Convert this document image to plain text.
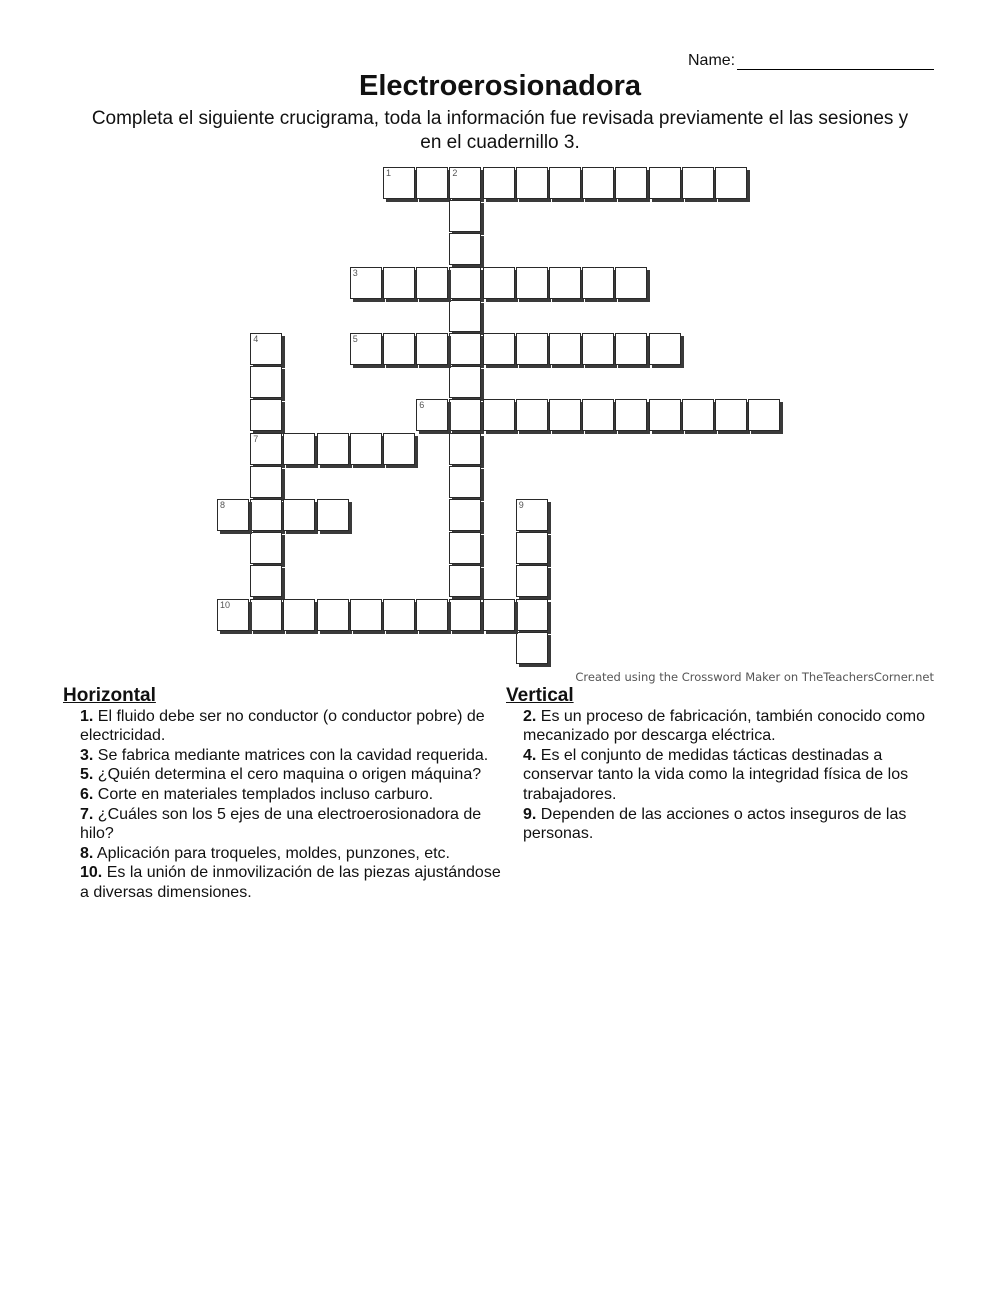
Name:
Electroerosionadora
Completa el siguiente crucigrama, toda la información fue revisada previamente el las sesiones y en el cuadernillo 3.
1	2
3
4
7
5
6
8	9
10
Created using the Crossword Maker on TheTeachersCorner.net
Horizontal
1. El fluido debe ser no conductor (o conductor pobre) de electricidad.
3. Se fabrica mediante matrices con la cavidad requerida.
5. ¿Quién determina el cero maquina o origen máquina?
6. Corte en materiales templados incluso carburo.
7. ¿Cuáles son los 5 ejes de una electroerosionadora de hilo?
8. Aplicación para troqueles, moldes, punzones, etc.
10. Es la unión de inmovilización de las piezas ajustándose a diversas dimensiones.
Vertical
2. Es un proceso de fabricación, también conocido como mecanizado por descarga eléctrica.
4. Es el conjunto de medidas tácticas destinadas a conservar tanto la vida como la integridad física de los trabajadores.
9. Dependen de las acciones o actos inseguros de las personas.
